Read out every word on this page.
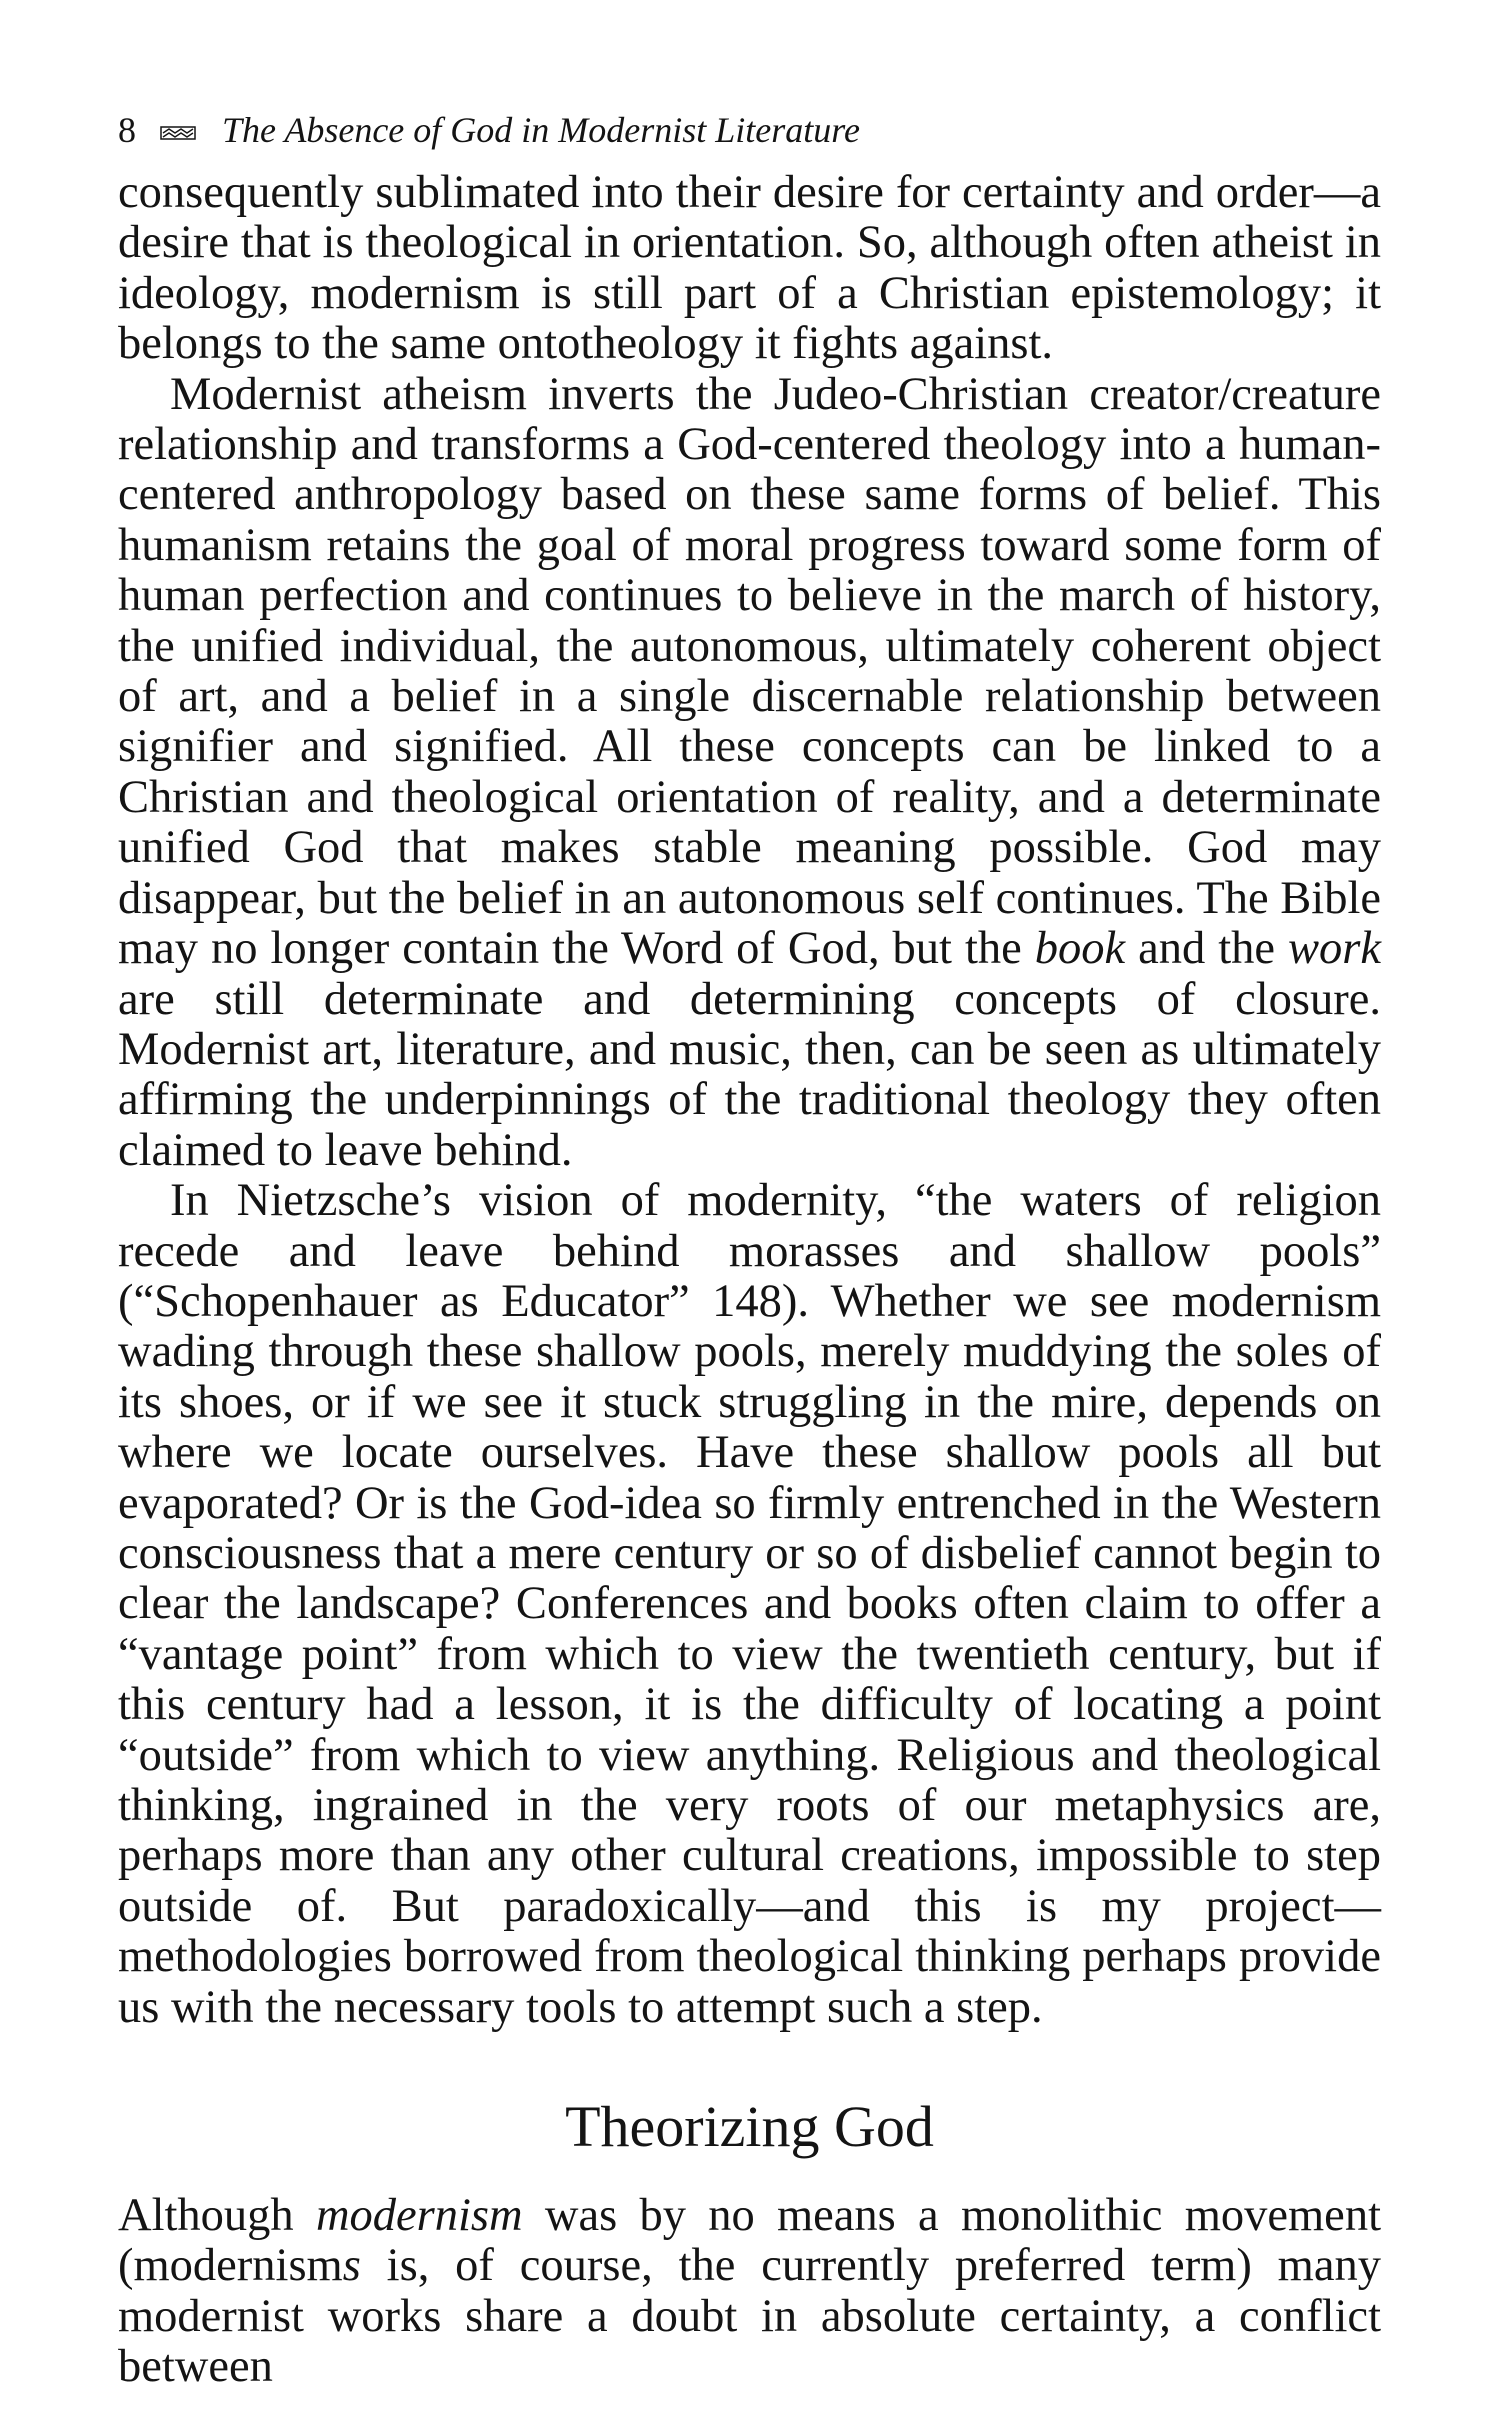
8 The Absence of God in Modernist Literature

consequently sublimated into their desire for certainty and order—a desire that is theological in orientation. So, although often atheist in ideology, modernism is still part of a Christian epistemology; it belongs to the same ontotheology it fights against.

Modernist atheism inverts the Judeo-Christian creator/creature relationship and transforms a God-centered theology into a human-centered anthropology based on these same forms of belief. This humanism retains the goal of moral progress toward some form of human perfection and continues to believe in the march of history, the unified individual, the autonomous, ultimately coherent object of art, and a belief in a single discernable relationship between signifier and signified. All these concepts can be linked to a Christian and theological orientation of reality, and a determinate unified God that makes stable meaning possible. God may disappear, but the belief in an autonomous self continues. The Bible may no longer contain the Word of God, but the book and the work are still determinate and determining concepts of closure. Modernist art, literature, and music, then, can be seen as ultimately affirming the underpinnings of the traditional theology they often claimed to leave behind.

In Nietzsche’s vision of modernity, “the waters of religion recede and leave behind morasses and shallow pools” (“Schopenhauer as Educator” 148). Whether we see modernism wading through these shallow pools, merely muddying the soles of its shoes, or if we see it stuck struggling in the mire, depends on where we locate ourselves. Have these shallow pools all but evaporated? Or is the God-idea so firmly entrenched in the Western consciousness that a mere century or so of disbelief cannot begin to clear the landscape? Conferences and books often claim to offer a “vantage point” from which to view the twentieth century, but if this century had a lesson, it is the difficulty of locating a point “outside” from which to view anything. Religious and theological thinking, ingrained in the very roots of our metaphysics are, perhaps more than any other cultural creations, impossible to step outside of. But paradoxically—and this is my project—methodologies borrowed from theological thinking perhaps provide us with the necessary tools to attempt such a step.

Theorizing God

Although modernism was by no means a monolithic movement (modernisms is, of course, the currently preferred term) many modernist works share a doubt in absolute certainty, a conflict between
